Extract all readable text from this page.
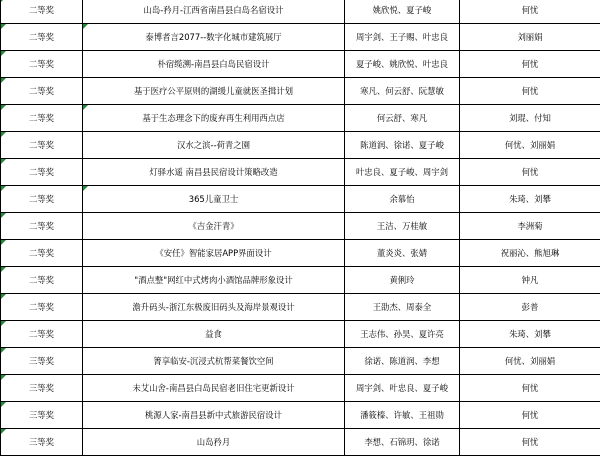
二等奖	山岛-矜月-江西省南昌县白岛名宿设计	姚欣悦、夏子峻	何忧
二等奖	泰博者言2077--数字化城市建筑展厅	周宇剑、王子赐、叶忠良	刘丽娟
二等奖	朴宿缆溯-南昌县白岛民宿设计	夏子峻、姚欣悦、叶忠良	何忧
二等奖	基于医疗公平原则的湖缓儿童就医圣揖计划	寒凡、何云舒、阮慧敏	何忧
二等奖	基于生态理念下的废弃再生利用西点店	何云舒、寒凡	刘琨、付知
二等奖	汉水之滨--荷青之園	陈道润、徐诺、夏子峻	何忧、刘丽娟
二等奖	灯驿水遥 南昌县民宿设计策略改造	叶忠良、夏子峻、周宇剑	何忧
二等奖	365儿童卫士	余慕怡	朱琦、刘攀
二等奖	《吉金汗青》	王洁、万桂敏	李洲菊
二等奖	《安任》智能家居APP界面设计	董炎炎、张婧	祝丽沁、熊旭琳
二等奖	"酒点整"网红中式烤肉小酒馆品牌形象设计	黄俐玲	钟凡
二等奖	澹升码头-浙江东极废旧码头及海岸景观设计	王劭杰、周泰全	彭普
二等奖	益食	王志伟、孙昊、夏许亮	朱琦、刘攀
三等奖	箐享临安-沉浸式杭帮菜餐饮空间	徐诺、陈道润、李想	何忧、刘丽娟
三等奖	未艾山舍-南昌县白岛民宿老旧住宅更新设计	周宇剑、叶忠良、夏子峻	何忧
三等奖	桃源人家-南昌县新中式旅游民宿设计	潘筱榛、许敏、王祖勋	何忧
三等奖	山岛矜月	李想、石锦玥、徐诺	何忧
